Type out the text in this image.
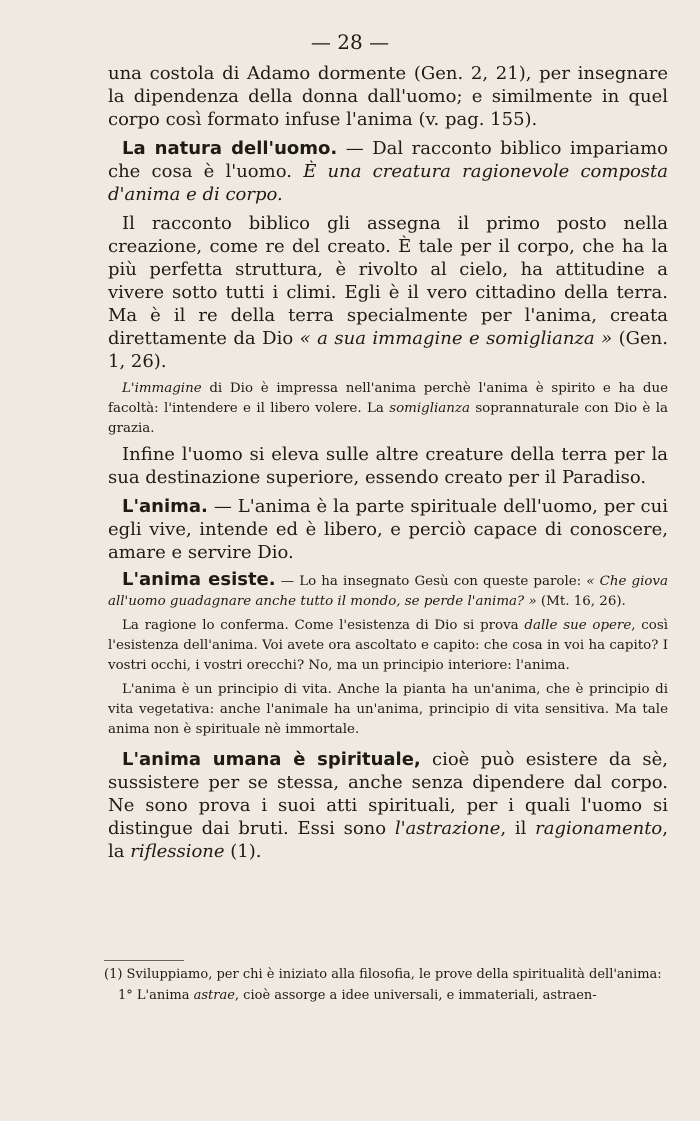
— 28 —

una costola di Adamo dormente (Gen. 2, 21), per insegnare la dipendenza della donna dall'uomo; e similmente in quel corpo così formato infuse l'anima (v. pag. 155).

La natura dell'uomo. — Dal racconto biblico impariamo che cosa è l'uomo. È una creatura ragionevole composta d'anima e di corpo.

Il racconto biblico gli assegna il primo posto nella creazione, come re del creato. È tale per il corpo, che ha la più perfetta struttura, è rivolto al cielo, ha attitudine a vivere sotto tutti i climi. Egli è il vero cittadino della terra. Ma è il re della terra specialmente per l'anima, creata direttamente da Dio « a sua immagine e somiglianza » (Gen. 1, 26).

L'immagine di Dio è impressa nell'anima perchè l'anima è spirito e ha due facoltà: l'intendere e il libero volere. La somiglianza soprannaturale con Dio è la grazia.

Infine l'uomo si eleva sulle altre creature della terra per la sua destinazione superiore, essendo creato per il Paradiso.

L'anima. — L'anima è la parte spirituale dell'uomo, per cui egli vive, intende ed è libero, e perciò capace di conoscere, amare e servire Dio.

L'anima esiste. — Lo ha insegnato Gesù con queste parole: « Che giova all'uomo guadagnare anche tutto il mondo, se perde l'anima? » (Mt. 16, 26).

La ragione lo conferma. Come l'esistenza di Dio si prova dalle sue opere, così l'esistenza dell'anima. Voi avete ora ascoltato e capito: che cosa in voi ha capito? I vostri occhi, i vostri orecchi? No, ma un principio interiore: l'anima.

L'anima è un principio di vita. Anche la pianta ha un'anima, che è principio di vita vegetativa: anche l'animale ha un'anima, principio di vita sensitiva. Ma tale anima non è spirituale nè immortale.

L'anima umana è spirituale, cioè può esistere da sè, sussistere per se stessa, anche senza dipendere dal corpo. Ne sono prova i suoi atti spirituali, per i quali l'uomo si distingue dai bruti. Essi sono l'astrazione, il ragionamento, la riflessione (1).

(1) Sviluppiamo, per chi è iniziato alla filosofia, le prove della spiritualità dell'anima:

1° L'anima astrae, cioè assorge a idee universali, e immateriali, astraen-
